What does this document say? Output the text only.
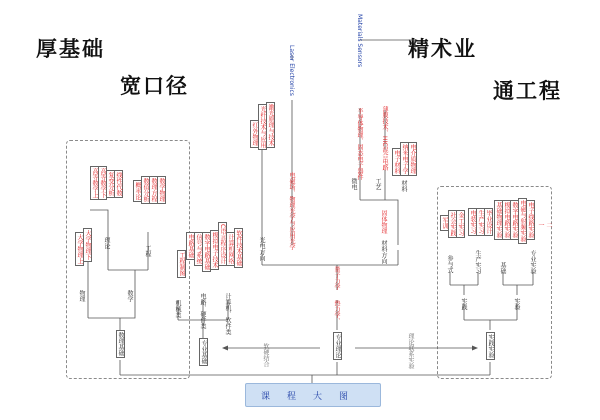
厚基础
宽口径
精术业
通工程
课程大图
数理基础	专业基础	专业理论	实践实验
软硬结合	理论联系实验
物理
大学物理上 大学物理下
数学
理论
高等数学上 高等数学下 复变分析 线性代数
工程
概率论 数值分析 数理方程 数学物理
机械类
工程制图
电路、硬件类
电路基础 信号与系统 数字电路基础 模拟电子技术
计算机、软件类
C语言程序设计 计算机网络 软件技术基础
热力学、
量子力学
光电方向	电磁场、物理光学与应用光学
红外物理 光纤技术与应用 激光原理与技术
Laser Electronics
材料方向
固体物理
微电
半导体物理、固态电子器件
工艺
薄膜技术、HIC混合电路
材料
电子材料 纳米电子学 电介质物理
Materials Sensors
实践	实验
参与式
军训 社会实践 金工实习
生产实习
电装实习 生产实习 毕业设计
基础
基础物理实验 模拟电路实验 数字电路实验
专业实验
电磁与射频实验 电子线路实验 一 二
